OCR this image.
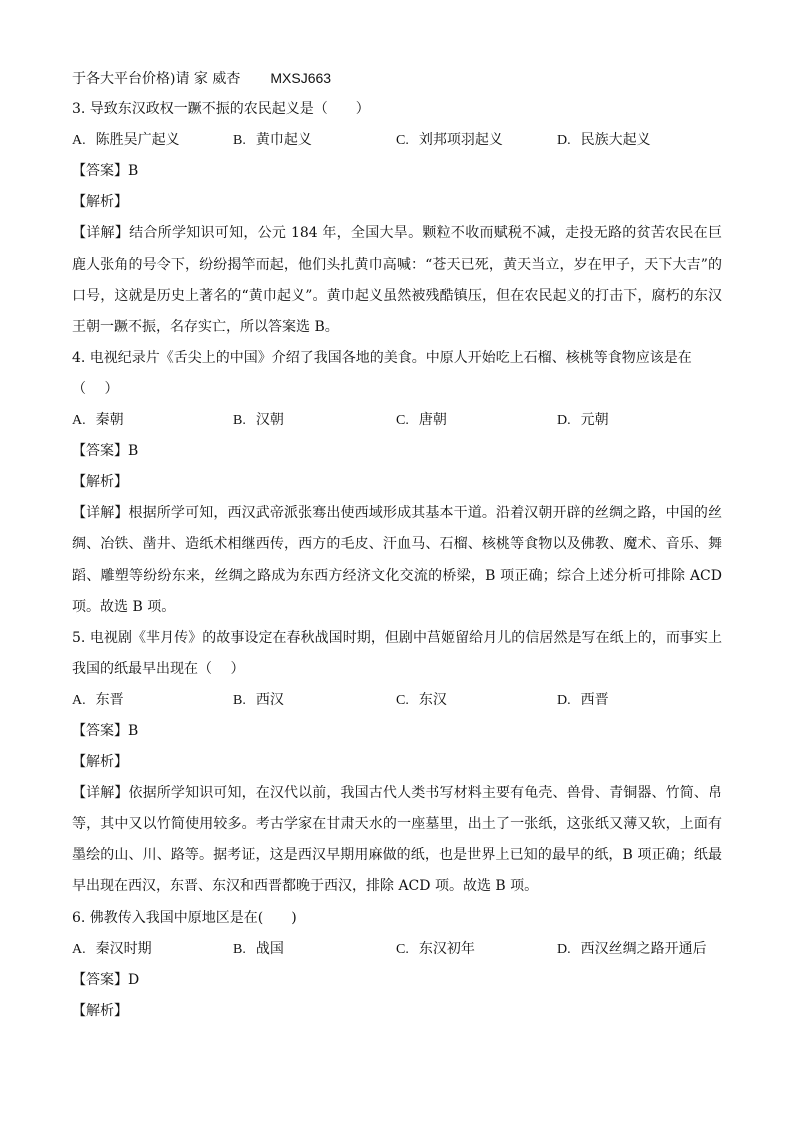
于各大平台价格)请 家 威杏 MXSJ663
3. 导致东汉政权一蹶不振的农民起义是（　　）
A. 陈胜吴广起义	B. 黄巾起义	C. 刘邦项羽起义	D. 民族大起义
【答案】B
【解析】
【详解】结合所学知识可知，公元 184 年，全国大旱。颗粒不收而赋税不减，走投无路的贫苦农民在巨鹿人张角的号令下，纷纷揭竿而起，他们头扎黄巾高喊：“苍天已死，黄天当立，岁在甲子，天下大吉”的口号，这就是历史上著名的“黄巾起义”。黄巾起义虽然被残酷镇压，但在农民起义的打击下，腐朽的东汉王朝一蹶不振，名存实亡，所以答案选 B。
4. 电视纪录片《舌尖上的中国》介绍了我国各地的美食。中原人开始吃上石榴、核桃等食物应该是在
（　 ）
A. 秦朝	B. 汉朝	C. 唐朝	D. 元朝
【答案】B
【解析】
【详解】根据所学可知，西汉武帝派张骞出使西域形成其基本干道。沿着汉朝开辟的丝绸之路，中国的丝绸、冶铁、凿井、造纸术相继西传，西方的毛皮、汗血马、石榴、核桃等食物以及佛教、魔术、音乐、舞蹈、雕塑等纷纷东来，丝绸之路成为东西方经济文化交流的桥梁，B 项正确；综合上述分析可排除 ACD 项。故选 B 项。
5. 电视剧《芈月传》的故事设定在春秋战国时期，但剧中莒姬留给月儿的信居然是写在纸上的，而事实上我国的纸最早出现在（　 ）
A. 东晋	B. 西汉	C. 东汉	D. 西晋
【答案】B
【解析】
【详解】依据所学知识可知，在汉代以前，我国古代人类书写材料主要有龟壳、兽骨、青铜器、竹简、帛等，其中又以竹简使用较多。考古学家在甘肃天水的一座墓里，出土了一张纸，这张纸又薄又软，上面有墨绘的山、川、路等。据考证，这是西汉早期用麻做的纸，也是世界上已知的最早的纸，B 项正确；纸最早出现在西汉，东晋、东汉和西晋都晚于西汉，排除 ACD 项。故选 B 项。
6. 佛教传入我国中原地区是在(　　)
A. 秦汉时期	B. 战国	C. 东汉初年	D. 西汉丝绸之路开通后
【答案】D
【解析】
